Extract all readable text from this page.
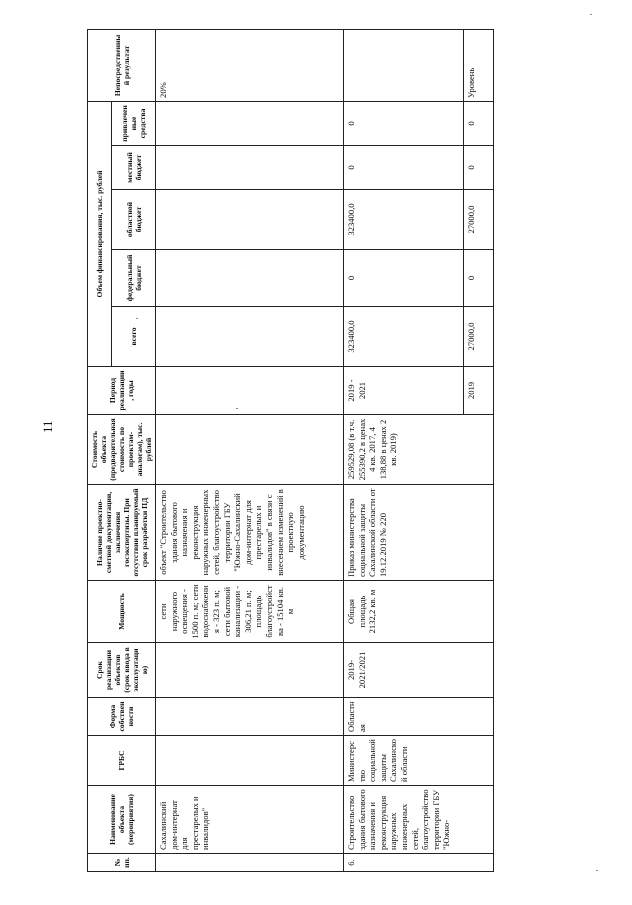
11
№ пп.	Наименование объекта (мероприятия)	ГРБС	Форма собственности	Срок реализации объектов (срок ввода в эксплуатацию)	Мощность	Наличие проектно-сметной документации, заключения госэкспертизы. При отсутствии планируемый срок разработки ПД	Стоимость объекта (предварительная стоимость по проектам-аналогам), тыс. рублей	Период реализации, годы	Объем финансирования, тыс. рублей					Непосредственный результат
									всего	федеральный бюджет	областной бюджет	местный бюджет	привлеченные средства	
	Сахалинский дом-интернат для престарелых и инвалидов"				сети наружного освещения - 1500 п. м; сети водоснабжения - 323 п. м; сети бытовой канализации - 306,21 п. м; площадь благоустройства - 15104 кв. м	объект "Строительство здания бытового назначения и реконструкция наружных инженерных сетей, благоустройство территории ГБУ "Южно-Сахалинский дом-интернат для престарелых и инвалидов" в связи с внесением изменений в проектную документацию								20%
6.	Строительство здания бытового назначения и реконструкция наружных инженерных сетей, благоустройство территории ГБУ "Южно-	Министерство социальной защиты Сахалинской области	Областная	2019-2021/2021	Общая площадь 2132,2 кв. м	Приказ министерства социальной защиты Сахалинской области от 19.12.2019 № 220	259529,08 (в т.ч. 255390,2 в ценах 4 кв. 2017, 4 138,88 в ценах 2 кв. 2019)	2019 - 2021	323400,0	0	323400,0	0	0	
								2019	27000,0	0	27000,0	0	0	Уровень
